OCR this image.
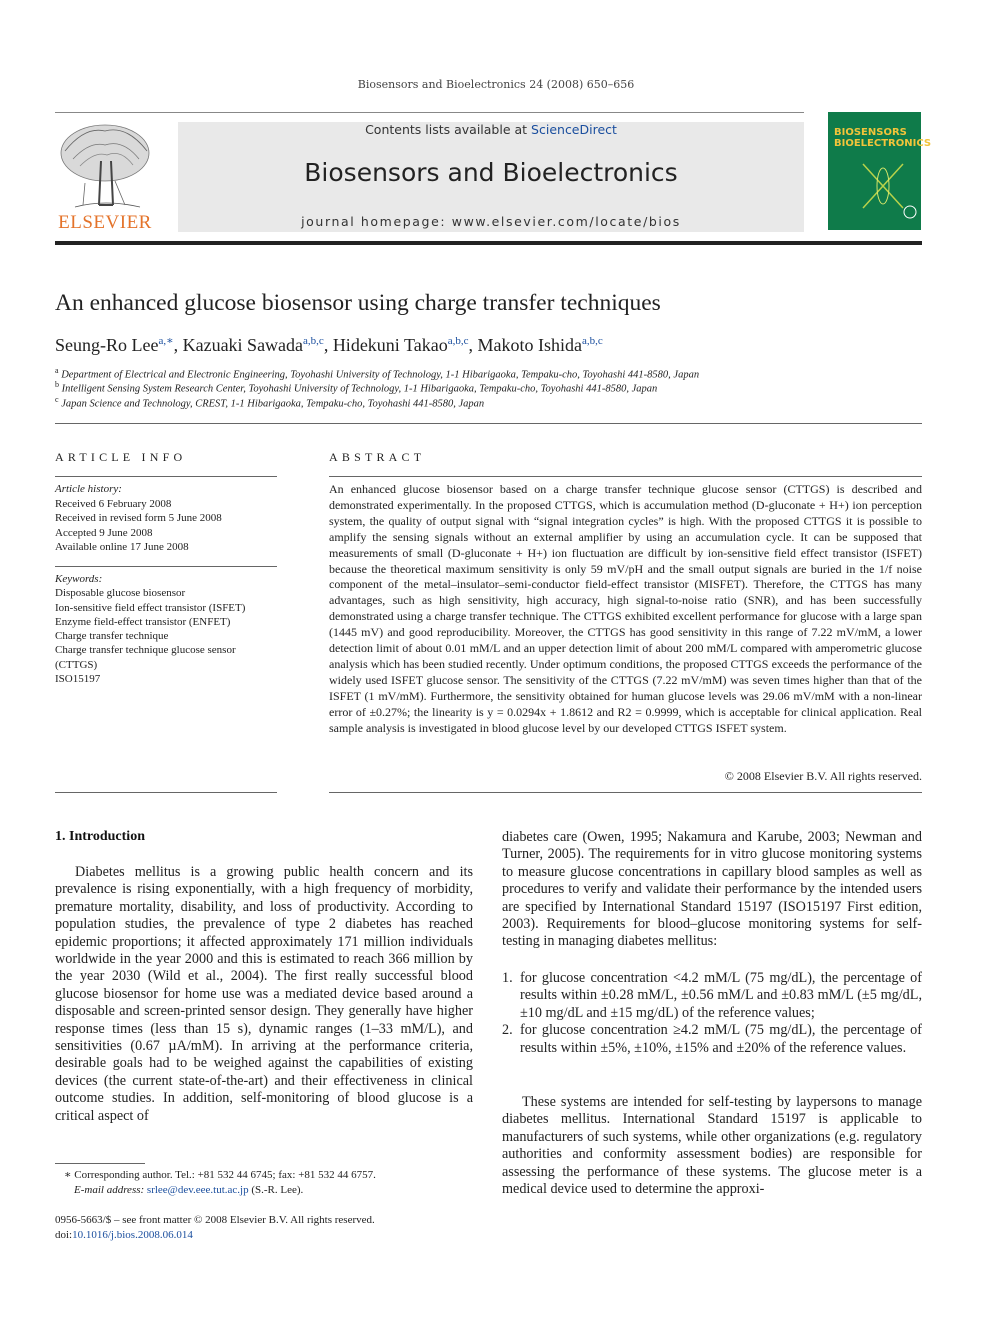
Biosensors and Bioelectronics 24 (2008) 650–656
ELSEVIER
Contents lists available at ScienceDirect
Biosensors and Bioelectronics
journal homepage: www.elsevier.com/locate/bios
BIOSENSORS
BIOELECTRONICS
An enhanced glucose biosensor using charge transfer techniques
Seung-Ro Lee$^{a,∗}$, Kazuaki Sawada$^{a,b,c}$, Hidekuni Takao$^{a,b,c}$, Makoto Ishida$^{a,b,c}$
$^a$ Department of Electrical and Electronic Engineering, Toyohashi University of Technology, 1-1 Hibarigaoka, Tempaku-cho, Toyohashi 441-8580, Japan
$^b$ Intelligent Sensing System Research Center, Toyohashi University of Technology, 1-1 Hibarigaoka, Tempaku-cho, Toyohashi 441-8580, Japan
$^c$ Japan Science and Technology, CREST, 1-1 Hibarigaoka, Tempaku-cho, Toyohashi 441-8580, Japan
ARTICLE INFO
Article history:
Received 6 February 2008
Received in revised form 5 June 2008
Accepted 9 June 2008
Available online 17 June 2008
Keywords:
Disposable glucose biosensor
Ion-sensitive field effect transistor (ISFET)
Enzyme field-effect transistor (ENFET)
Charge transfer technique
Charge transfer technique glucose sensor
(CTTGS)
ISO15197
ABSTRACT
An enhanced glucose biosensor based on a charge transfer technique glucose sensor (CTTGS) is described and demonstrated experimentally. In the proposed CTTGS, which is accumulation method (D-gluconate + H+) ion perception system, the quality of output signal with “signal integration cycles” is high. With the proposed CTTGS it is possible to amplify the sensing signals without an external amplifier by using an accumulation cycle. It can be supposed that measurements of small (D-gluconate + H+) ion fluctuation are difficult by ion-sensitive field effect transistor (ISFET) because the theoretical maximum sensitivity is only 59 mV/pH and the small output signals are buried in the 1/f noise component of the metal–insulator–semi-conductor field-effect transistor (MISFET). Therefore, the CTTGS has many advantages, such as high sensitivity, high accuracy, high signal-to-noise ratio (SNR), and has been successfully demonstrated using a charge transfer technique. The CTTGS exhibited excellent performance for glucose with a large span (1445 mV) and good reproducibility. Moreover, the CTTGS has good sensitivity in this range of 7.22 mV/mM, a lower detection limit of about 0.01 mM/L and an upper detection limit of about 200 mM/L compared with amperometric glucose analysis which has been studied recently. Under optimum conditions, the proposed CTTGS exceeds the performance of the widely used ISFET glucose sensor. The sensitivity of the CTTGS (7.22 mV/mM) was seven times higher than that of the ISFET (1 mV/mM). Furthermore, the sensitivity obtained for human glucose levels was 29.06 mV/mM with a non-linear error of ±0.27%; the linearity is y = 0.0294x + 1.8612 and R2 = 0.9999, which is acceptable for clinical application. Real sample analysis is investigated in blood glucose level by our developed CTTGS ISFET system.
© 2008 Elsevier B.V. All rights reserved.
1. Introduction
Diabetes mellitus is a growing public health concern and its prevalence is rising exponentially, with a high frequency of morbidity, premature mortality, disability, and loss of productivity. According to population studies, the prevalence of type 2 diabetes has reached epidemic proportions; it affected approximately 171 million individuals worldwide in the year 2000 and this is estimated to reach 366 million by the year 2030 (Wild et al., 2004). The first really successful blood glucose biosensor for home use was a mediated device based around a disposable and screen-printed sensor design. They generally have higher response times (less than 15 s), dynamic ranges (1–33 mM/L), and sensitivities (0.67 µA/mM). In arriving at the performance criteria, desirable goals had to be weighed against the capabilities of existing devices (the current state-of-the-art) and their effectiveness in clinical outcome studies. In addition, self-monitoring of blood glucose is a critical aspect of
diabetes care (Owen, 1995; Nakamura and Karube, 2003; Newman and Turner, 2005). The requirements for in vitro glucose monitoring systems to measure glucose concentrations in capillary blood samples as well as procedures to verify and validate their performance by the intended users are specified by International Standard 15197 (ISO15197 First edition, 2003). Requirements for blood–glucose monitoring systems for self-testing in managing diabetes mellitus:
1. for glucose concentration <4.2 mM/L (75 mg/dL), the percentage of results within ±0.28 mM/L, ±0.56 mM/L and ±0.83 mM/L (±5 mg/dL, ±10 mg/dL and ±15 mg/dL) of the reference values;
2. for glucose concentration ≥4.2 mM/L (75 mg/dL), the percentage of results within ±5%, ±10%, ±15% and ±20% of the reference values.
These systems are intended for self-testing by laypersons to manage diabetes mellitus. International Standard 15197 is applicable to manufacturers of such systems, while other organizations (e.g. regulatory authorities and conformity assessment bodies) are responsible for assessing the performance of these systems. The glucose meter is a medical device used to determine the approxi-
∗ Corresponding author. Tel.: +81 532 44 6745; fax: +81 532 44 6757.
E-mail address: srlee@dev.eee.tut.ac.jp (S.-R. Lee).
0956-5663/$ – see front matter © 2008 Elsevier B.V. All rights reserved.
doi:10.1016/j.bios.2008.06.014
